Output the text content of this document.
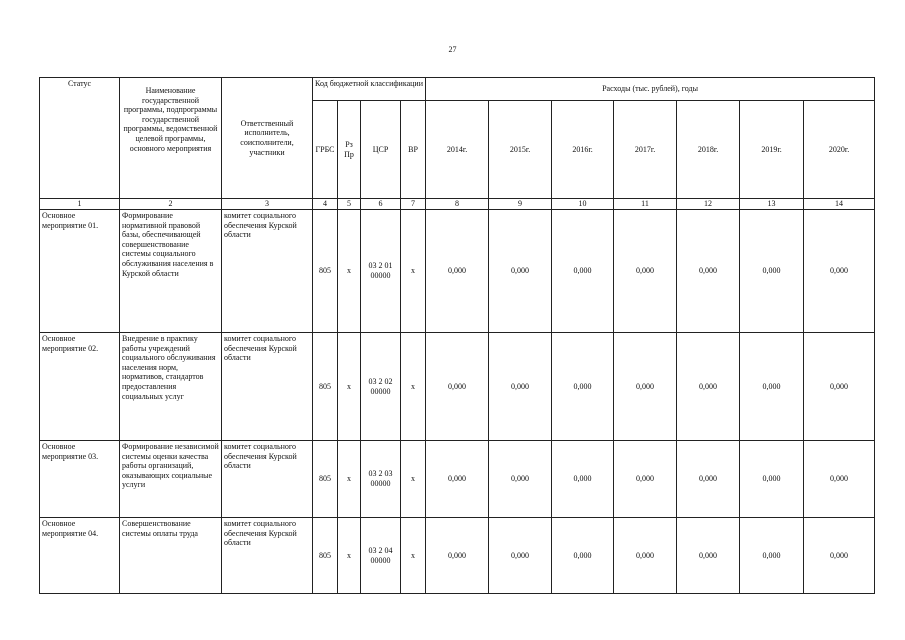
27
Статус	Наименование государственной программы, подпрограммы государственной программы, ведомственной целевой программы, основного мероприятия	Ответственный исполнитель, соисполнители, участники	Код бюджетной классификации				Расходы (тыс. рублей), годы						
			ГРБС	Рз Пр	ЦСР	ВР	2014г.	2015г.	2016г.	2017г.	2018г.	2019г.	2020г.
1	2	3	4	5	6	7	8	9	10	11	12	13	14
Основное мероприятие 01.	Формирование нормативной правовой базы, обеспечивающей совершенствование системы социального обслуживания населения в Курской области	комитет социального обеспечения Курской области	805	х	03 2 01 00000	х	0,000	0,000	0,000	0,000	0,000	0,000	0,000
Основное мероприятие 02.	Внедрение в практику работы учреждений социального обслуживания населения норм, нормативов, стандартов предоставления социальных услуг	комитет социального обеспечения Курской области	805	х	03 2 02 00000	х	0,000	0,000	0,000	0,000	0,000	0,000	0,000
Основное мероприятие 03.	Формирование независимой системы оценки качества работы организаций, оказывающих социальные услуги	комитет социального обеспечения Курской области	805	х	03 2 03 00000	х	0,000	0,000	0,000	0,000	0,000	0,000	0,000
Основное мероприятие 04.	Совершенствование системы оплаты труда	комитет социального обеспечения Курской области	805	х	03 2 04 00000	х	0,000	0,000	0,000	0,000	0,000	0,000	0,000
